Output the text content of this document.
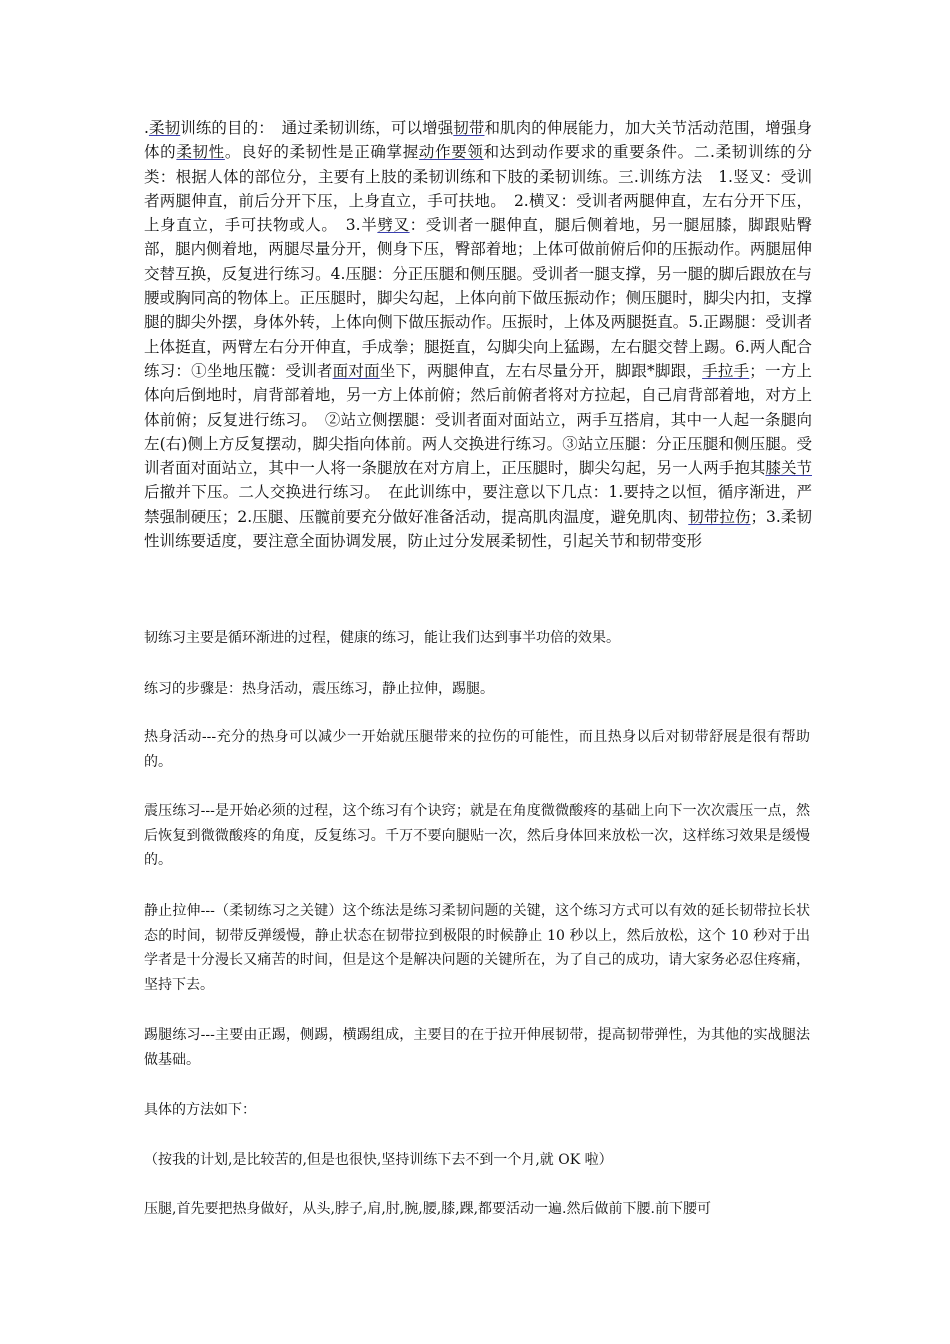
.柔韧训练的目的：　通过柔韧训练，可以增强韧带和肌肉的伸展能力，加大关节活动范围，增强身体的柔韧性。良好的柔韧性是正确掌握动作要领和达到动作要求的重要条件。二.柔韧训练的分类：根据人体的部位分，主要有上肢的柔韧训练和下肢的柔韧训练。三.训练方法　1.竖叉：受训者两腿伸直，前后分开下压，上身直立，手可扶地。　2.横叉：受训者两腿伸直，左右分开下压，上身直立，手可扶物或人。　3.半劈叉：受训者一腿伸直，腿后侧着地，另一腿屈膝，脚跟贴臀部，腿内侧着地，两腿尽量分开，侧身下压，臀部着地；上体可做前俯后仰的压振动作。两腿屈伸交替互换，反复进行练习。4.压腿：分正压腿和侧压腿。受训者一腿支撑，另一腿的脚后跟放在与腰或胸同高的物体上。正压腿时，脚尖勾起，上体向前下做压振动作；侧压腿时，脚尖内扣，支撑腿的脚尖外摆，身体外转，上体向侧下做压振动作。压振时，上体及两腿挺直。5.正踢腿：受训者上体挺直，两臂左右分开伸直，手成拳；腿挺直，勾脚尖向上猛踢，左右腿交替上踢。6.两人配合练习：①坐地压髋：受训者面对面坐下，两腿伸直，左右尽量分开，脚跟*脚跟，手拉手；一方上体向后倒地时，肩背部着地，另一方上体前俯；然后前俯者将对方拉起，自己肩背部着地，对方上体前俯；反复进行练习。　②站立侧摆腿：受训者面对面站立，两手互搭肩，其中一人起一条腿向左(右)侧上方反复摆动，脚尖指向体前。两人交换进行练习。③站立压腿：分正压腿和侧压腿。受训者面对面站立，其中一人将一条腿放在对方肩上，正压腿时，脚尖勾起，另一人两手抱其膝关节后撤并下压。二人交换进行练习。　在此训练中，要注意以下几点：1.要持之以恒，循序渐进，严禁强制硬压；2.压腿、压髋前要充分做好准备活动，提高肌肉温度，避免肌肉、韧带拉伤；3.柔韧性训练要适度，要注意全面协调发展，防止过分发展柔韧性，引起关节和韧带变形

韧练习主要是循环渐进的过程，健康的练习，能让我们达到事半功倍的效果。

练习的步骤是：热身活动，震压练习，静止拉伸，踢腿。

热身活动---充分的热身可以减少一开始就压腿带来的拉伤的可能性，而且热身以后对韧带舒展是很有帮助的。

震压练习---是开始必须的过程，这个练习有个诀窍；就是在角度微微酸疼的基础上向下一次次震压一点，然后恢复到微微酸疼的角度，反复练习。千万不要向腿贴一次，然后身体回来放松一次，这样练习效果是缓慢的。

静止拉伸---（柔韧练习之关键）这个练法是练习柔韧问题的关键，这个练习方式可以有效的延长韧带拉长状态的时间，韧带反弹缓慢，静止状态在韧带拉到极限的时候静止 10 秒以上，然后放松，这个 10 秒对于出学者是十分漫长又痛苦的时间，但是这个是解决问题的关键所在，为了自己的成功，请大家务必忍住疼痛，坚持下去。

踢腿练习---主要由正踢，侧踢，横踢组成，主要目的在于拉开伸展韧带，提高韧带弹性，为其他的实战腿法做基础。

具体的方法如下：

（按我的计划,是比较苦的,但是也很快,坚持训练下去不到一个月,就 OK 啦）

压腿,首先要把热身做好，从头,脖子,肩,肘,腕,腰,膝,踝,都要活动一遍.然后做前下腰.前下腰可
